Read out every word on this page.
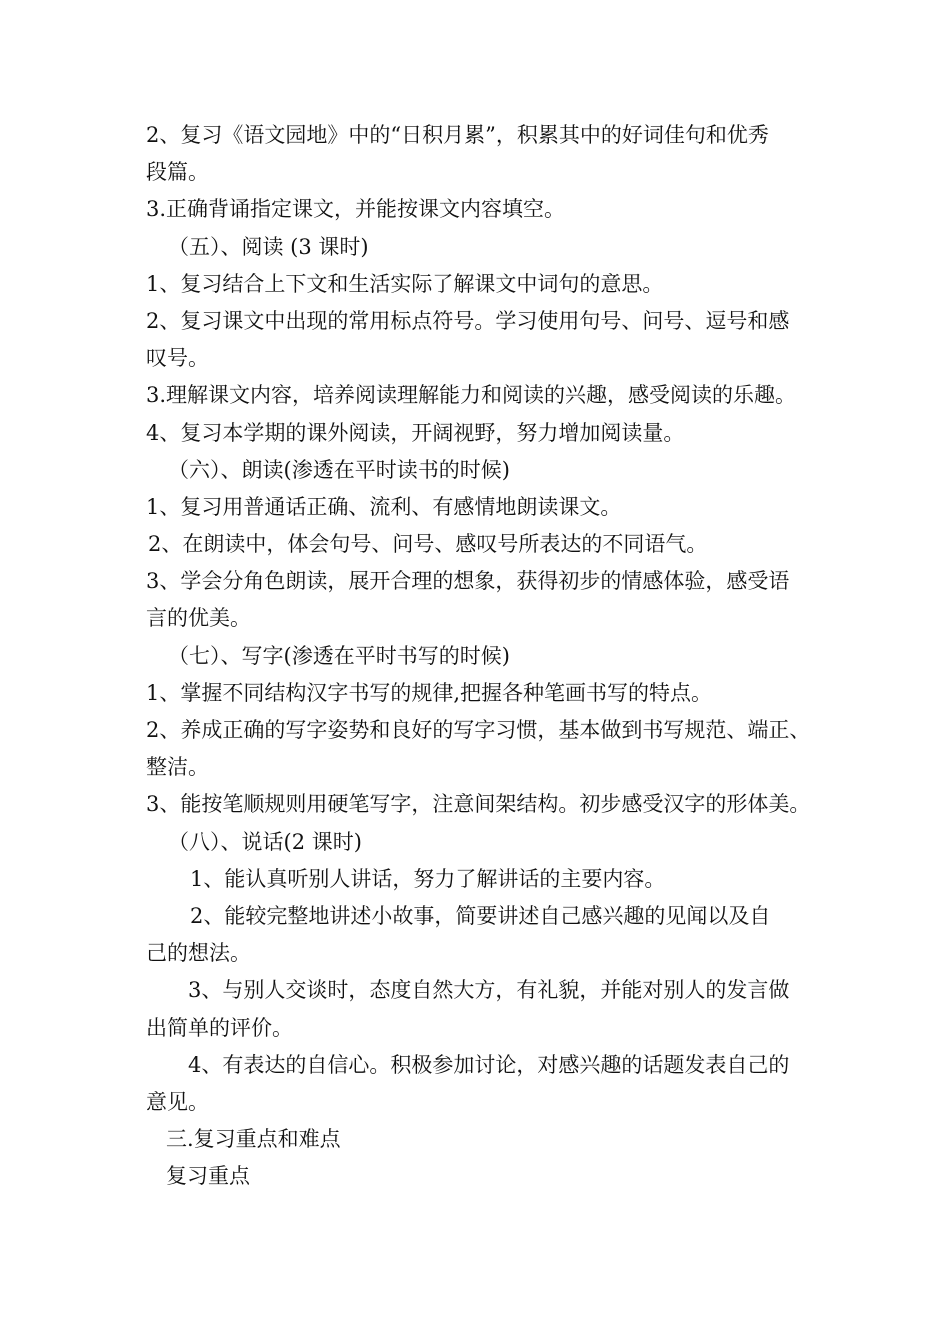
2、复习《语文园地》中的“日积月累”，积累其中的好词佳句和优秀
段篇。
3.正确背诵指定课文，并能按课文内容填空。
（五）、阅读 (3 课时)
1、复习结合上下文和生活实际了解课文中词句的意思。
2、复习课文中出现的常用标点符号。学习使用句号、问号、逗号和感
叹号。
3.理解课文内容，培养阅读理解能力和阅读的兴趣，感受阅读的乐趣。
4、复习本学期的课外阅读，开阔视野，努力增加阅读量。
（六）、朗读(渗透在平时读书的时候)
1、复习用普通话正确、流利、有感情地朗读课文。
2、在朗读中，体会句号、问号、感叹号所表达的不同语气。
3、学会分角色朗读，展开合理的想象，获得初步的情感体验，感受语
言的优美。
（七）、写字(渗透在平时书写的时候)
1、掌握不同结构汉字书写的规律,把握各种笔画书写的特点。
2、养成正确的写字姿势和良好的写字习惯，基本做到书写规范、端正、
整洁。
3、能按笔顺规则用硬笔写字，注意间架结构。初步感受汉字的形体美。
（八）、说话(2 课时)
1、能认真听别人讲话，努力了解讲话的主要内容。
2、能较完整地讲述小故事，简要讲述自己感兴趣的见闻以及自
己的想法。
3、与别人交谈时，态度自然大方，有礼貌，并能对别人的发言做
出简单的评价。
4、有表达的自信心。积极参加讨论，对感兴趣的话题发表自己的
意见。
三.复习重点和难点
复习重点
